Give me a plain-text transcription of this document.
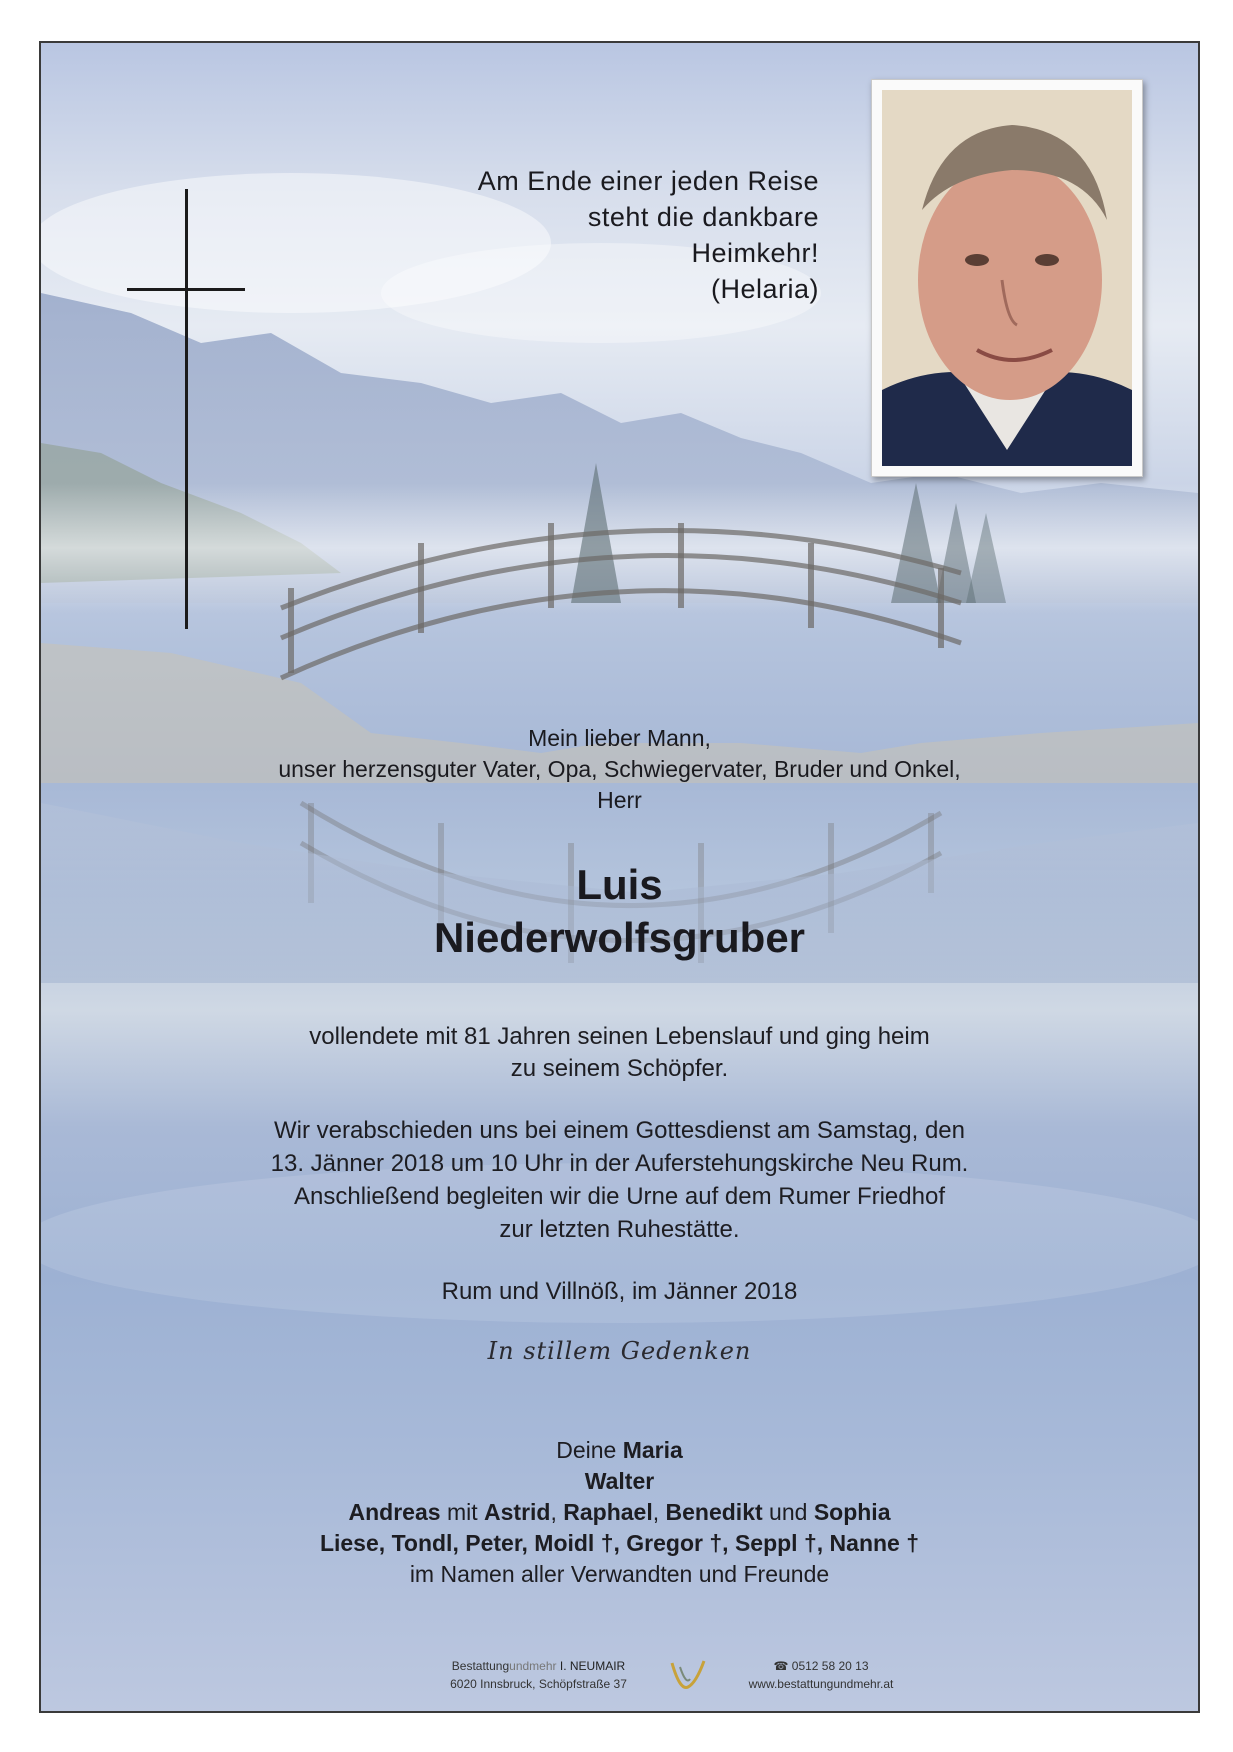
Am Ende einer jeden Reise
steht die dankbare
Heimkehr!
(Helaria)
Mein lieber Mann,
unser herzensguter Vater, Opa, Schwiegervater, Bruder und Onkel,
Herr
Luis
Niederwolfsgruber
vollendete mit 81 Jahren seinen Lebenslauf und ging heim
zu seinem Schöpfer.
Wir verabschieden uns bei einem Gottesdienst am Samstag, den
13. Jänner 2018 um 10 Uhr in der Auferstehungskirche Neu Rum.
Anschließend begleiten wir die Urne auf dem Rumer Friedhof
zur letzten Ruhestätte.
Rum und Villnöß, im Jänner 2018
In stillem Gedenken
Deine Maria
Walter
Andreas mit Astrid, Raphael, Benedikt und Sophia
Liese, Tondl, Peter, Moidl †, Gregor †, Seppl †, Nanne †
im Namen aller Verwandten und Freunde
Bestattungundmehr I. NEUMAIR
6020 Innsbruck, Schöpfstraße 37
☎ 0512 58 20 13
www.bestattungundmehr.at
